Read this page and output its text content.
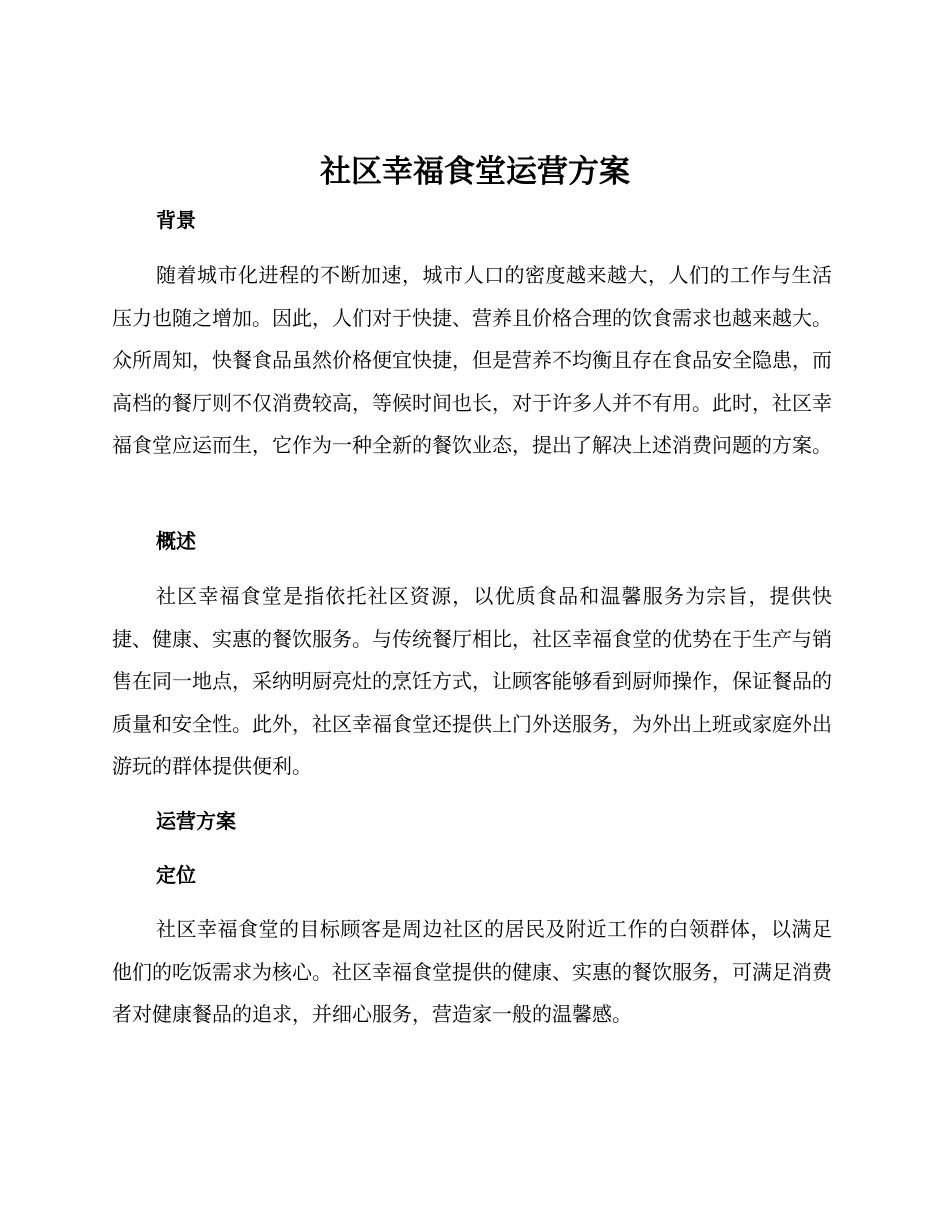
社区幸福食堂运营方案
背景

随着城市化进程的不断加速，城市人口的密度越来越大，人们的工作与生活压力也随之增加。因此，人们对于快捷、营养且价格合理的饮食需求也越来越大。众所周知，快餐食品虽然价格便宜快捷，但是营养不均衡且存在食品安全隐患，而高档的餐厅则不仅消费较高，等候时间也长，对于许多人并不有用。此时，社区幸福食堂应运而生，它作为一种全新的餐饮业态，提出了解决上述消费问题的方案。

概述

社区幸福食堂是指依托社区资源，以优质食品和温馨服务为宗旨，提供快捷、健康、实惠的餐饮服务。与传统餐厅相比，社区幸福食堂的优势在于生产与销售在同一地点，采纳明厨亮灶的烹饪方式，让顾客能够看到厨师操作，保证餐品的质量和安全性。此外，社区幸福食堂还提供上门外送服务，为外出上班或家庭外出游玩的群体提供便利。

运营方案
定位

社区幸福食堂的目标顾客是周边社区的居民及附近工作的白领群体，以满足他们的吃饭需求为核心。社区幸福食堂提供的健康、实惠的餐饮服务，可满足消费者对健康餐品的追求，并细心服务，营造家一般的温馨感。
